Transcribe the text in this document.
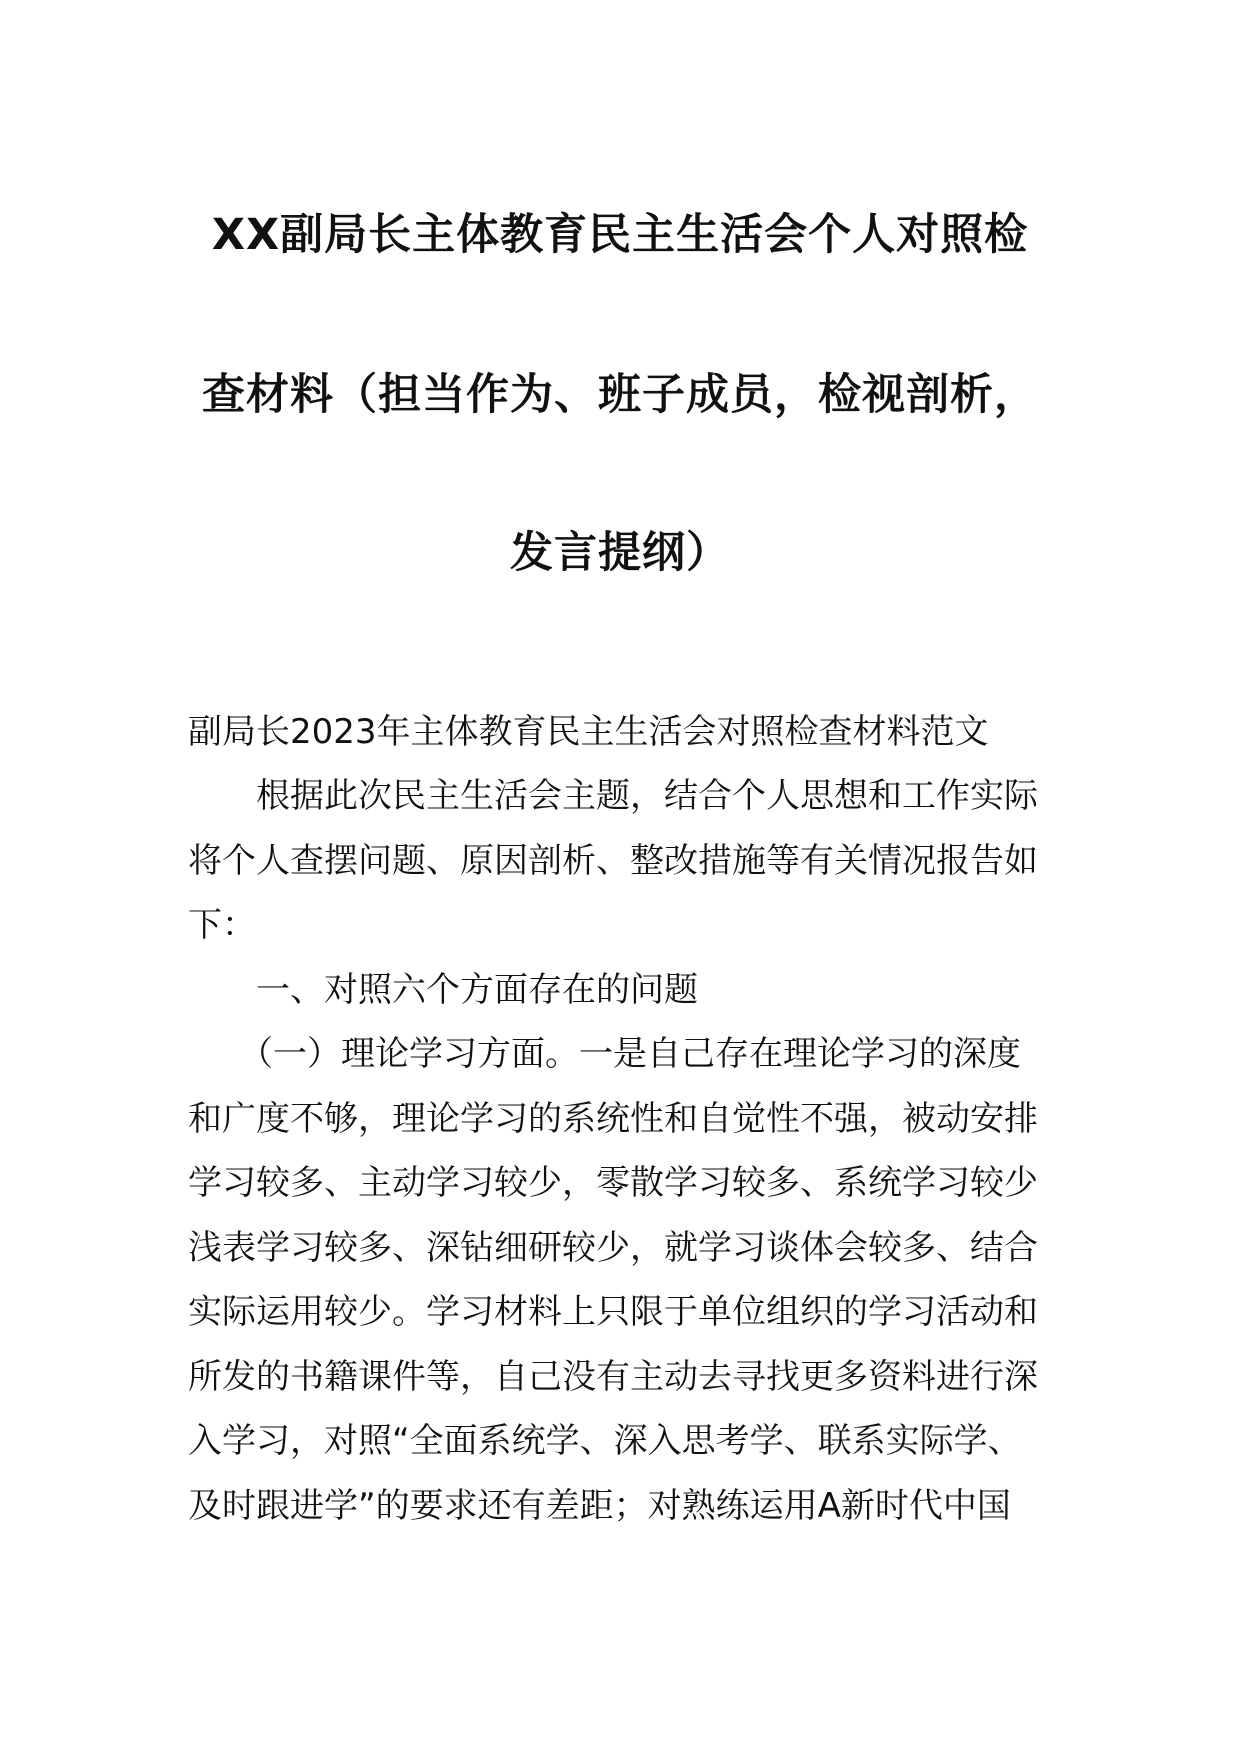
XX副局长主体教育民主生活会个人对照检
查材料（担当作为、班子成员，检视剖析，
发言提纲）
副局长2023年主体教育民主生活会对照检查材料范文
　　根据此次民主生活会主题，结合个人思想和工作实际
将个人查摆问题、原因剖析、整改措施等有关情况报告如
下：
　　一、对照六个方面存在的问题
　　（一）理论学习方面。一是自己存在理论学习的深度
和广度不够，理论学习的系统性和自觉性不强，被动安排
学习较多、主动学习较少，零散学习较多、系统学习较少
浅表学习较多、深钻细研较少，就学习谈体会较多、结合
实际运用较少。学习材料上只限于单位组织的学习活动和
所发的书籍课件等，自己没有主动去寻找更多资料进行深
入学习，对照“全面系统学、深入思考学、联系实际学、
及时跟进学”的要求还有差距；对熟练运用A新时代中国
